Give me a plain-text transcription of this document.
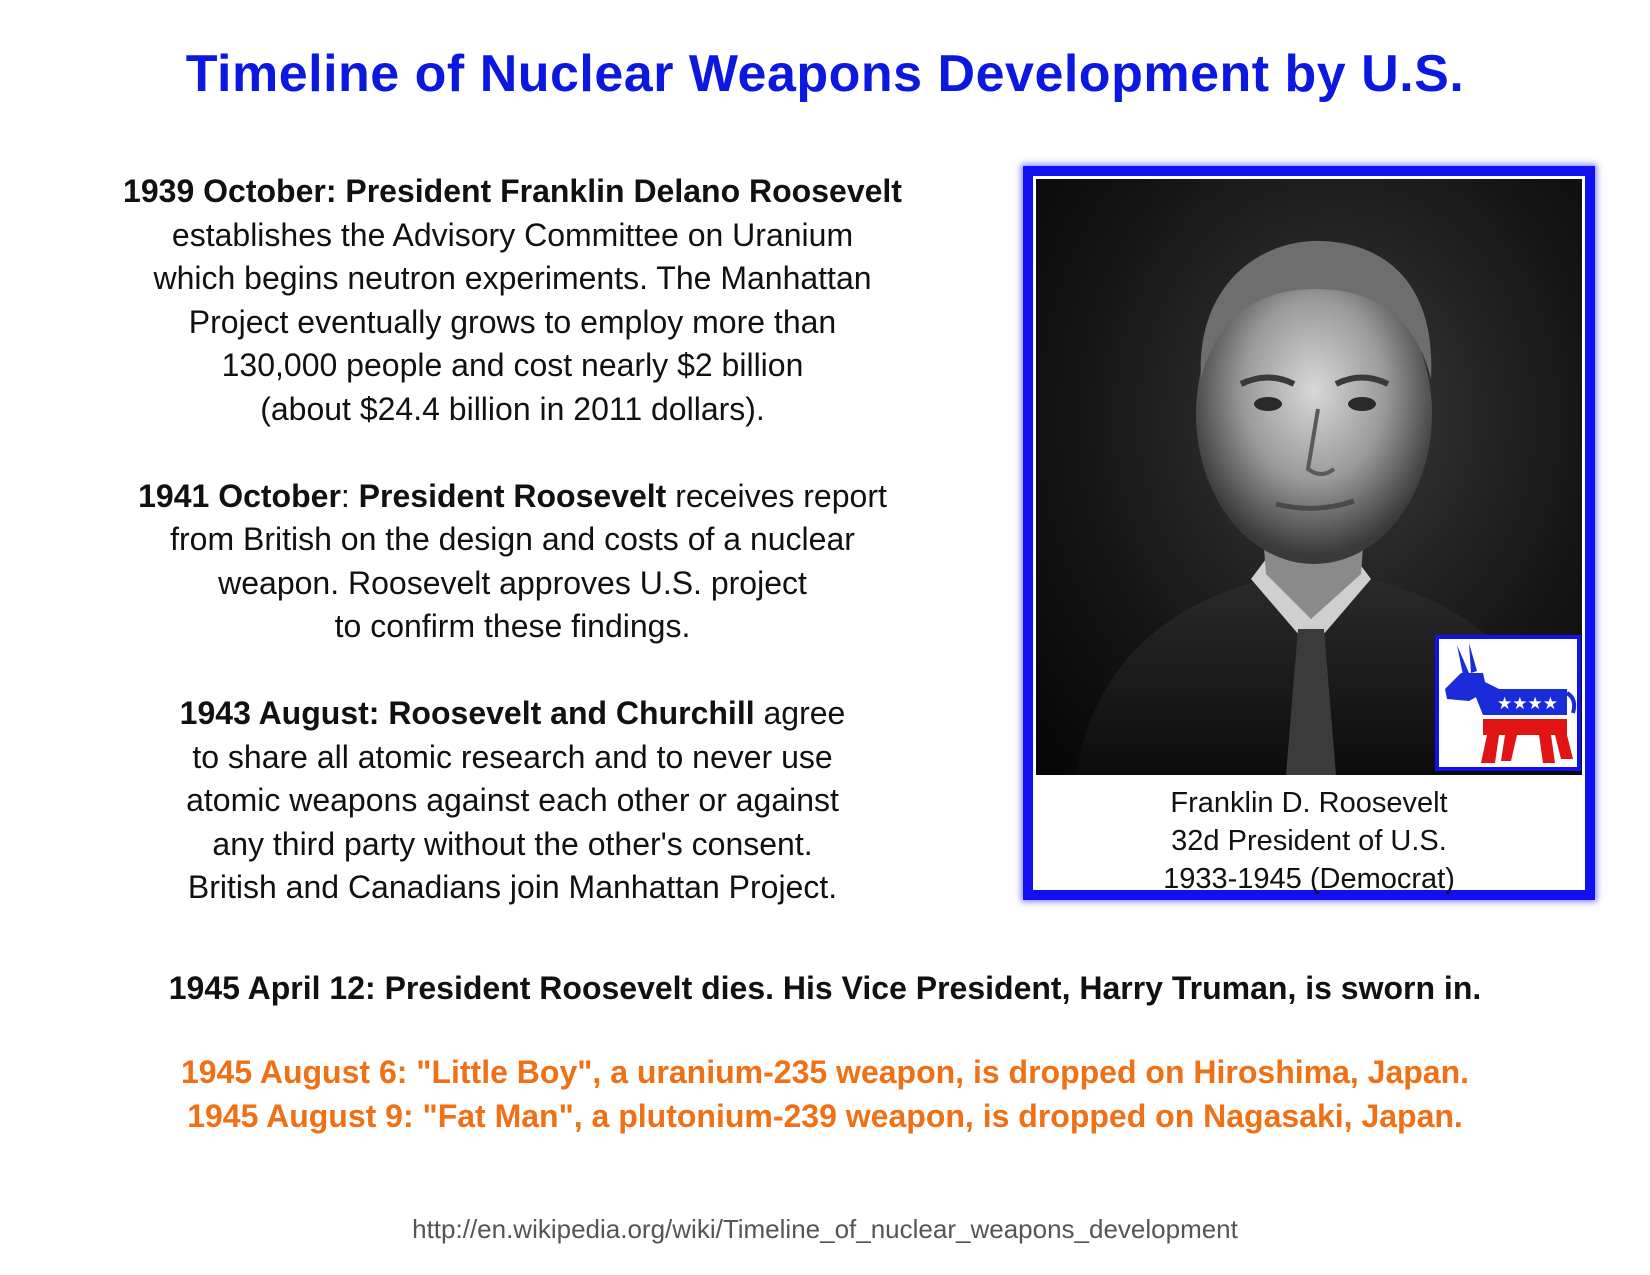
Timeline of Nuclear Weapons Development by U.S.
1939 October: President Franklin Delano Roosevelt
establishes the Advisory Committee on Uranium
which begins neutron experiments. The Manhattan
Project eventually grows to employ more than
130,000 people and cost nearly $2 billion
(about $24.4 billion in 2011 dollars).
1941 October: President Roosevelt receives report
from British on the design and costs of a nuclear
weapon. Roosevelt approves U.S. project
to confirm these findings.
1943 August: Roosevelt and Churchill agree
to share all atomic research and to never use
atomic weapons against each other or against
any third party without the other's consent.
British and Canadians join Manhattan Project.
★★★★
Franklin D. Roosevelt
32d President of U.S.
1933-1945 (Democrat)
1945 April 12: President Roosevelt dies. His Vice President, Harry Truman, is sworn in.
1945 August 6: "Little Boy", a uranium-235 weapon, is dropped on Hiroshima, Japan.
1945 August 9: "Fat Man", a plutonium-239 weapon, is dropped on Nagasaki, Japan.
http://en.wikipedia.org/wiki/Timeline_of_nuclear_weapons_development
